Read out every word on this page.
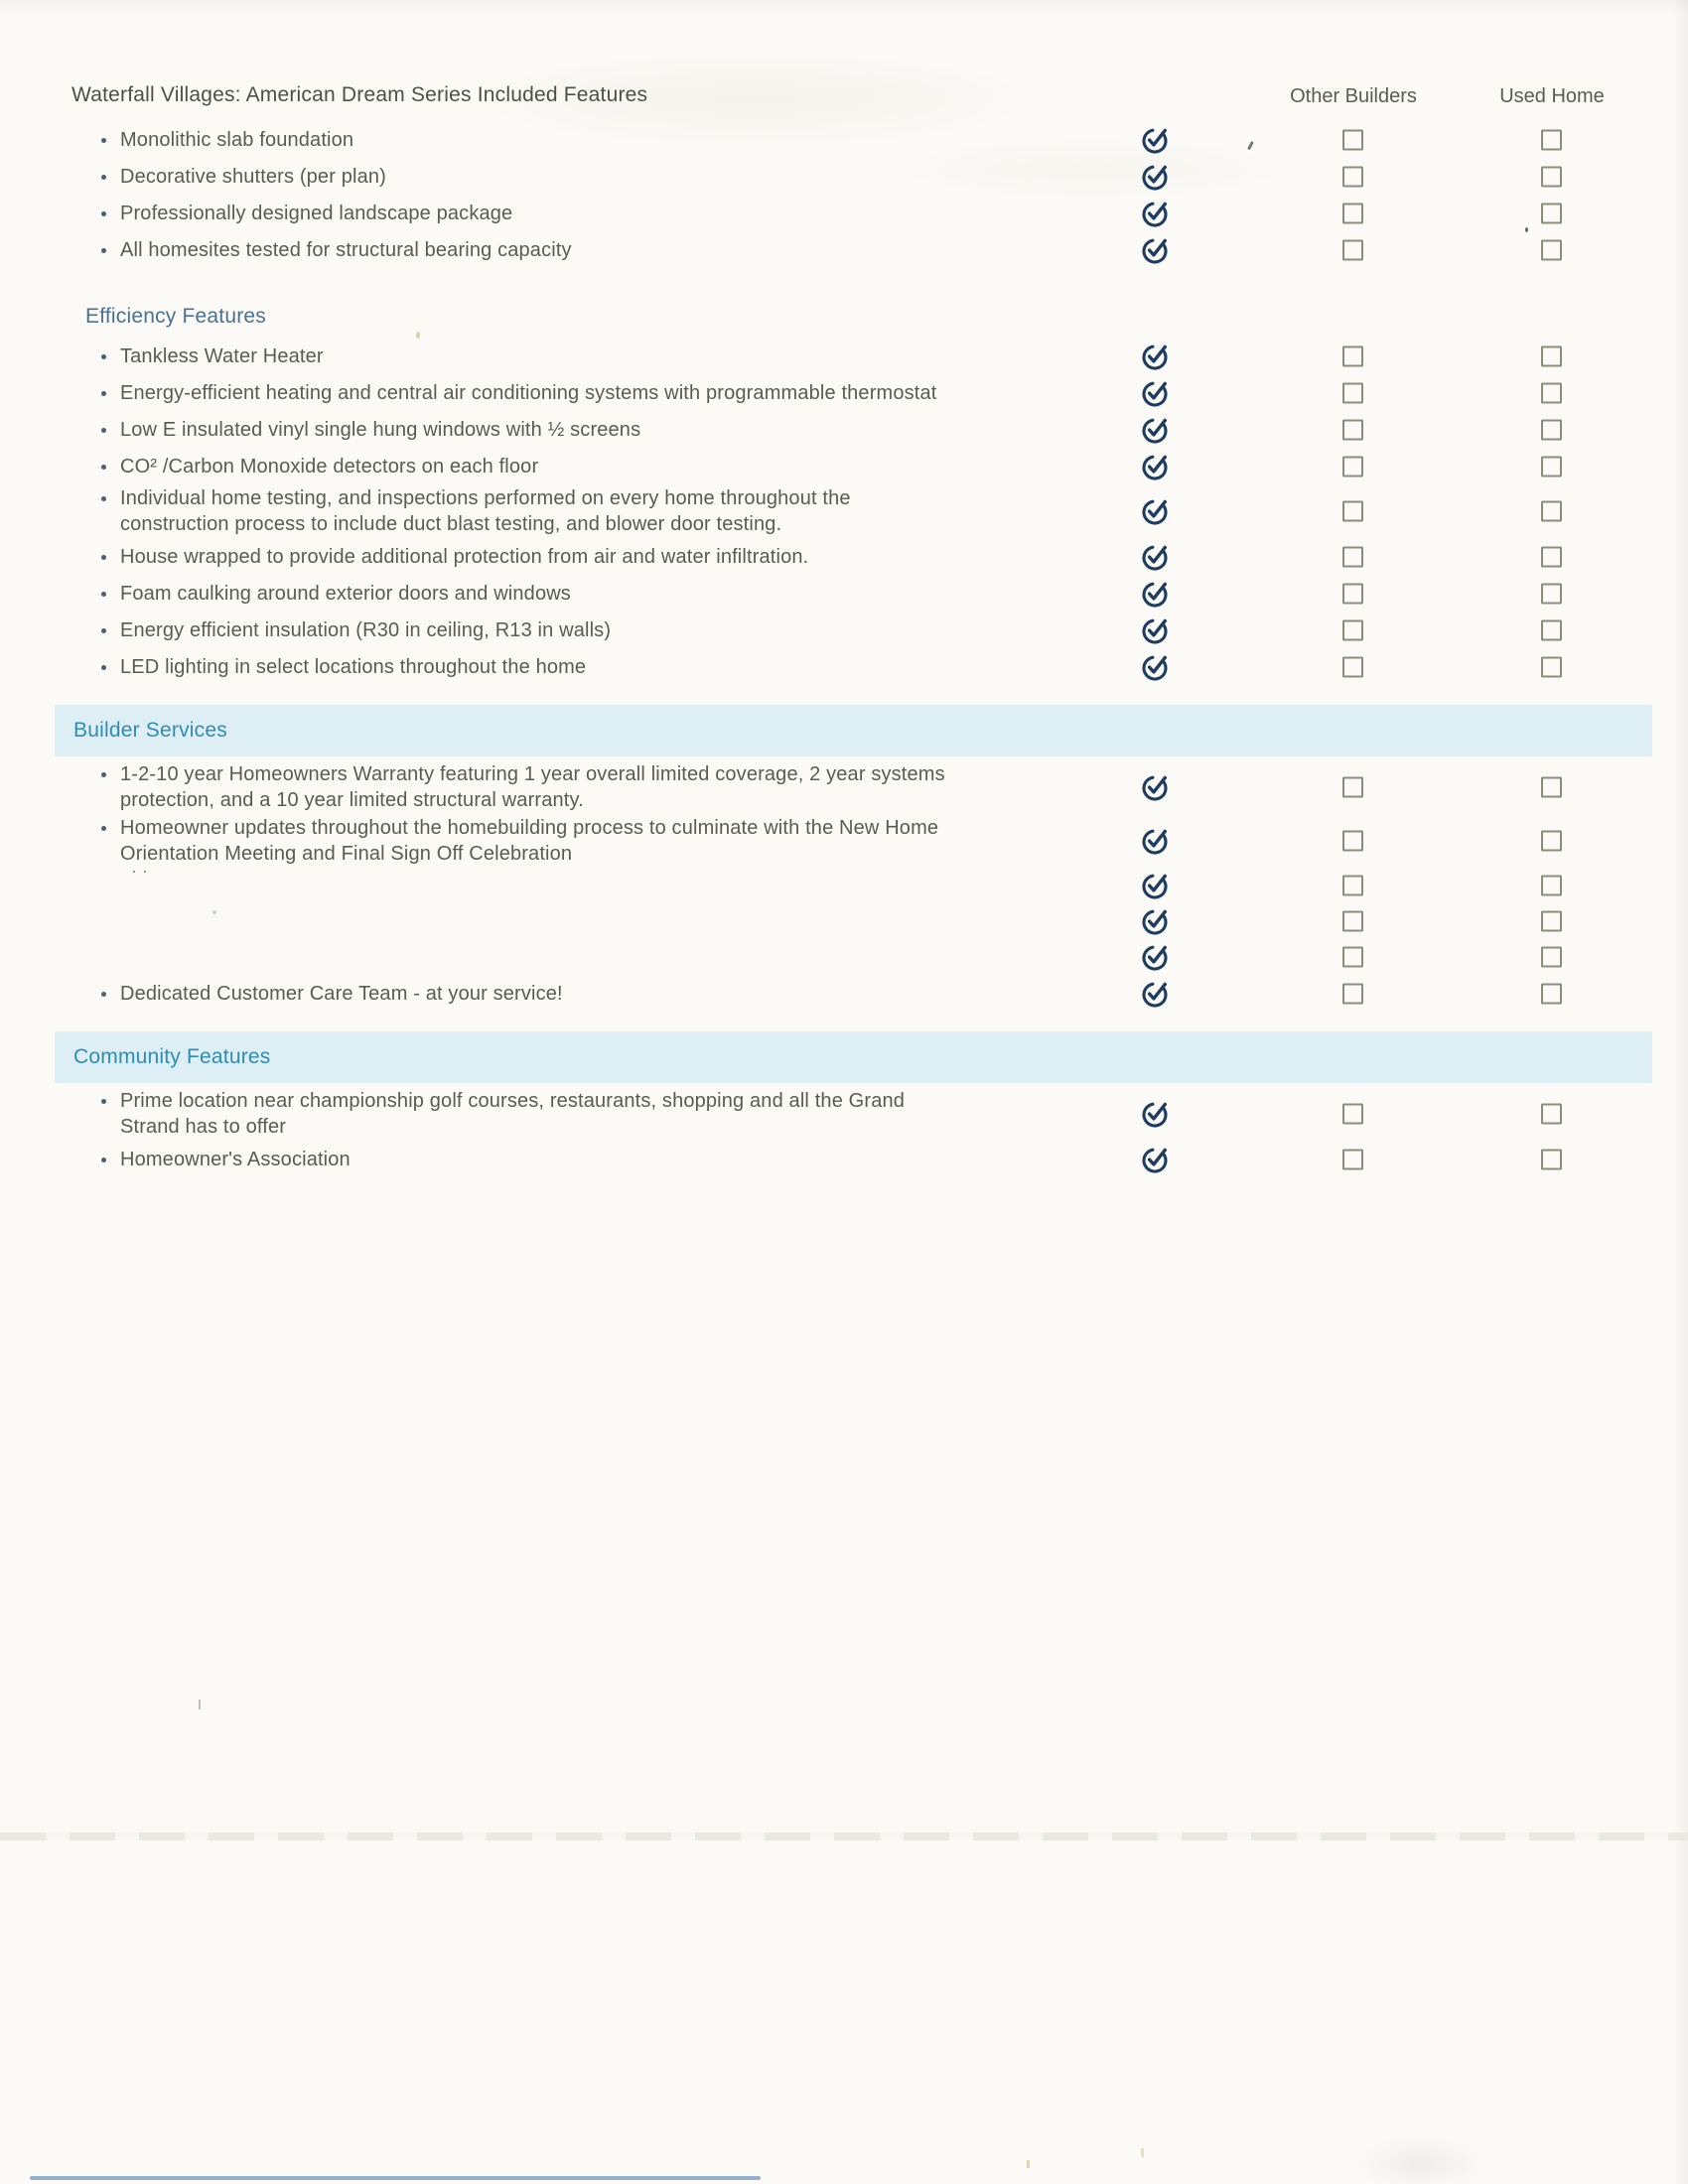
Waterfall Villages: American Dream Series Included Features	Other Builders	Used Home
Monolithic slab foundation
Decorative shutters (per plan)
Professionally designed landscape package
All homesites tested for structural bearing capacity
Efficiency Features
Tankless Water Heater
Energy-efficient heating and central air conditioning systems with programmable thermostat
Low E insulated vinyl single hung windows with ½ screens
CO² /Carbon Monoxide detectors on each floor
Individual home testing, and inspections performed on every home throughout the
construction process to include duct blast testing, and blower door testing.
House wrapped to provide additional protection from air and water infiltration.
Foam caulking around exterior doors and windows
Energy efficient insulation (R30 in ceiling, R13 in walls)
LED lighting in select locations throughout the home
Builder Services
1-2-10 year Homeowners Warranty featuring 1 year overall limited coverage, 2 year systems
protection, and a 10 year limited structural warranty.
Homeowner updates throughout the homebuilding process to culminate with the New Home
Orientation Meeting and Final Sign Off Celebration
Dedicated Customer Care Team - at your service!
Community Features
Prime location near championship golf courses, restaurants, shopping and all the Grand
Strand has to offer
Homeowner's Association
